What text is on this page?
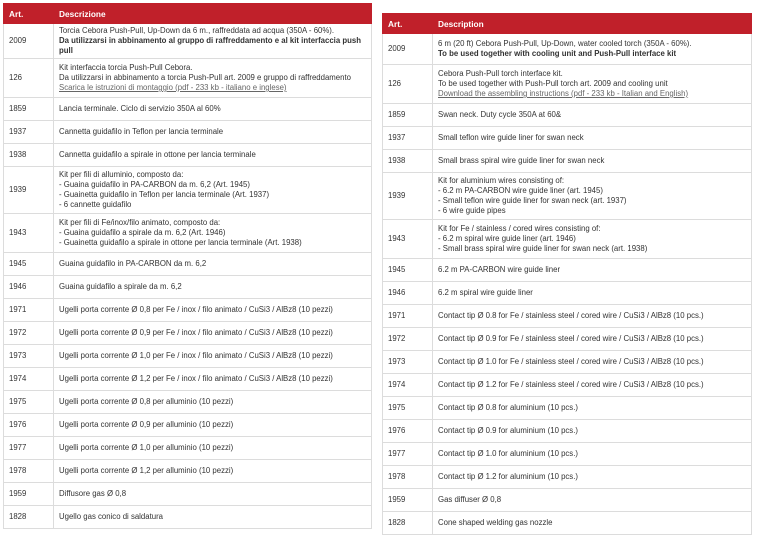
Art.	Descrizione
2009	Torcia Cebora Push-Pull, Up-Down da 6 m., raffreddata ad acqua (350A - 60%).
Da utilizzarsi in abbinamento al gruppo di raffreddamento e al kit interfaccia push pull

126	Kit interfaccia torcia Push-Pull Cebora.
Da utilizzarsi in abbinamento a torcia Push-Pull art. 2009 e gruppo di raffreddamento
Scarica le istruzioni di montaggio (pdf - 233 kb - italiano e inglese)

1859	Lancia terminale. Ciclo di servizio 350A al 60%

1937	Cannetta guidafilo in Teflon per lancia terminale

1938	Cannetta guidafilo a spirale in ottone per lancia terminale

1939	Kit per fili di alluminio, composto da:
- Guaina guidafilo in PA-CARBON da m. 6,2 (Art. 1945)
- Guainetta guidafilo in Teflon per lancia terminale (Art. 1937)
- 6 cannette guidafilo

1943	Kit per fili di Fe/inox/filo animato, composto da:
- Guaina guidafilo a spirale da m. 6,2 (Art. 1946)
- Guainetta guidafilo a spirale in ottone per lancia terminale (Art. 1938)

1945	Guaina guidafilo in PA-CARBON da m. 6,2

1946	Guaina guidafilo a spirale da m. 6,2

1971	Ugelli porta corrente Ø 0,8 per Fe / inox / filo animato / CuSi3 / AlBz8 (10 pezzi)

1972	Ugelli porta corrente Ø 0,9 per Fe / inox / filo animato / CuSi3 / AlBz8 (10 pezzi)

1973	Ugelli porta corrente Ø 1,0 per Fe / inox / filo animato / CuSi3 / AlBz8 (10 pezzi)

1974	Ugelli porta corrente Ø 1,2 per Fe / inox / filo animato / CuSi3 / AlBz8 (10 pezzi)

1975	Ugelli porta corrente Ø 0,8 per alluminio (10 pezzi)

1976	Ugelli porta corrente Ø 0,9 per alluminio (10 pezzi)

1977	Ugelli porta corrente Ø 1,0 per alluminio (10 pezzi)

1978	Ugelli porta corrente Ø 1,2 per alluminio (10 pezzi)

1959	Diffusore gas Ø 0,8

1828	Ugello gas conico di saldatura
Art.	Description
2009	6 m (20 ft) Cebora Push-Pull, Up-Down, water cooled torch (350A - 60%).
To be used together with cooling unit and Push-Pull interface kit

126	Cebora Push-Pull torch interface kit.
To be used together with Push-Pull torch art. 2009 and cooling unit
Download the assembling instructions (pdf - 233 kb - Italian and English)

1859	Swan neck. Duty cycle 350A at 60&

1937	Small teflon wire guide liner for swan neck

1938	Small brass spiral wire guide liner for swan neck

1939	Kit for aluminium wires consisting of:
- 6.2 m PA-CARBON wire guide liner (art. 1945)
- Small teflon wire guide liner for swan neck (art. 1937)
- 6 wire guide pipes

1943	Kit for Fe / stainless / cored wires consisting of:
- 6.2 m spiral wire guide liner (art. 1946)
- Small brass spiral wire guide liner for swan neck (art. 1938)

1945	6.2 m PA-CARBON wire guide liner

1946	6.2 m spiral wire guide liner

1971	Contact tip Ø 0.8 for Fe / stainless steel / cored wire / CuSi3 / AlBz8 (10 pcs.)

1972	Contact tip Ø 0.9 for Fe / stainless steel / cored wire / CuSi3 / AlBz8 (10 pcs.)

1973	Contact tip Ø 1.0 for Fe / stainless steel / cored wire / CuSi3 / AlBz8 (10 pcs.)

1974	Contact tip Ø 1.2 for Fe / stainless steel / cored wire / CuSi3 / AlBz8 (10 pcs.)

1975	Contact tip Ø 0.8 for aluminium (10 pcs.)

1976	Contact tip Ø 0.9 for aluminium (10 pcs.)

1977	Contact tip Ø 1.0 for aluminium (10 pcs.)

1978	Contact tip Ø 1.2 for aluminium (10 pcs.)

1959	Gas diffuser Ø 0,8

1828	Cone shaped welding gas nozzle
